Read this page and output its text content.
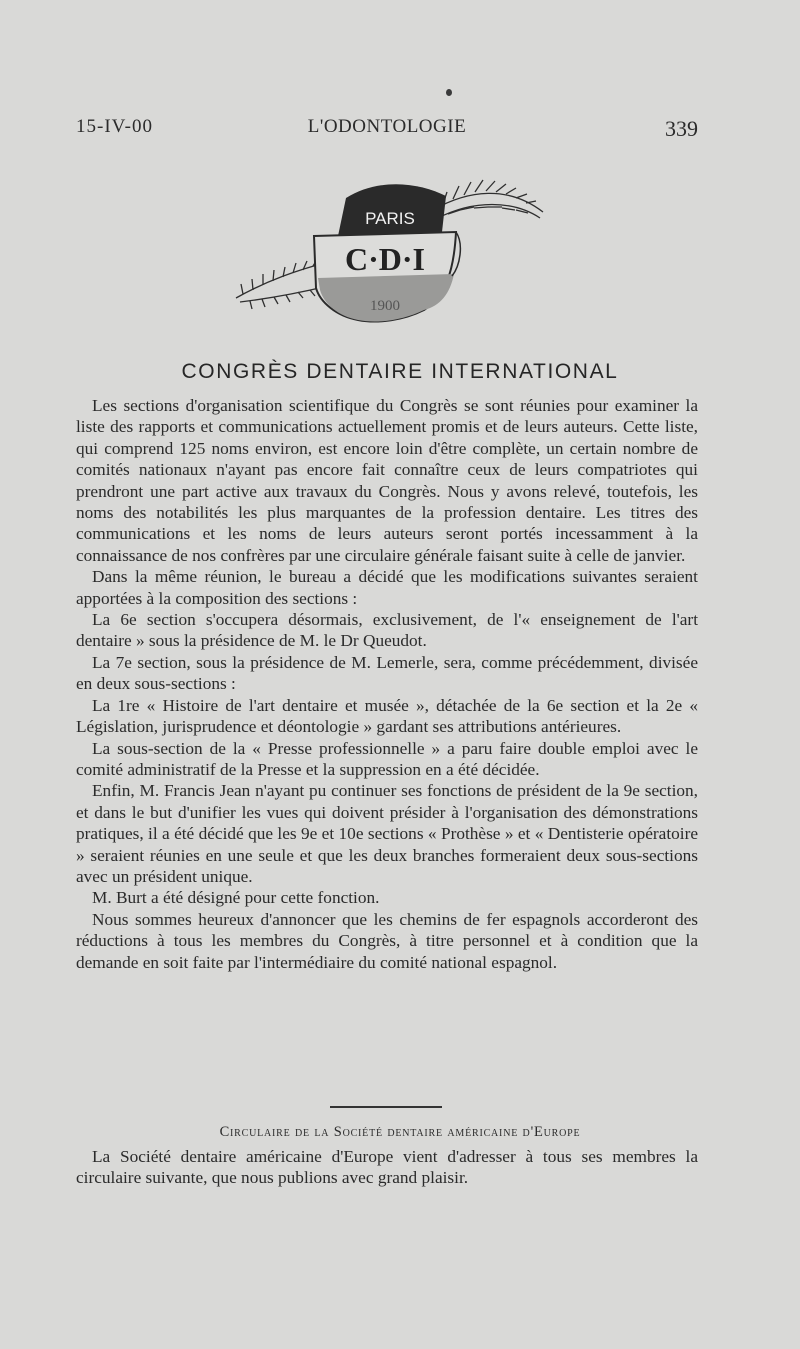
15-IV-00	L'ODONTOLOGIE	339
PARIS
C·D·I
1900
CONGRÈS DENTAIRE INTERNATIONAL

Les sections d'organisation scientifique du Congrès se sont réunies pour examiner la liste des rapports et communications actuellement promis et de leurs auteurs. Cette liste, qui comprend 125 noms environ, est encore loin d'être complète, un certain nombre de comités nationaux n'ayant pas encore fait connaître ceux de leurs compatriotes qui prendront une part active aux travaux du Congrès. Nous y avons relevé, toutefois, les noms des notabilités les plus marquantes de la profession dentaire. Les titres des communications et les noms de leurs auteurs seront portés incessamment à la connaissance de nos confrères par une circulaire générale faisant suite à celle de janvier.

Dans la même réunion, le bureau a décidé que les modifications suivantes seraient apportées à la composition des sections :

La 6e section s'occupera désormais, exclusivement, de l'« enseignement de l'art dentaire » sous la présidence de M. le Dr Queudot.

La 7e section, sous la présidence de M. Lemerle, sera, comme précédemment, divisée en deux sous-sections :

La 1re « Histoire de l'art dentaire et musée », détachée de la 6e section et la 2e « Législation, jurisprudence et déontologie » gardant ses attributions antérieures.

La sous-section de la « Presse professionnelle » a paru faire double emploi avec le comité administratif de la Presse et la suppression en a été décidée.

Enfin, M. Francis Jean n'ayant pu continuer ses fonctions de président de la 9e section, et dans le but d'unifier les vues qui doivent présider à l'organisation des démonstrations pratiques, il a été décidé que les 9e et 10e sections « Prothèse » et « Dentisterie opératoire » seraient réunies en une seule et que les deux branches formeraient deux sous-sections avec un président unique.

M. Burt a été désigné pour cette fonction.

Nous sommes heureux d'annoncer que les chemins de fer espagnols accorderont des réductions à tous les membres du Congrès, à titre personnel et à condition que la demande en soit faite par l'intermédiaire du comité national espagnol.

Circulaire de la Société dentaire américaine d'Europe

La Société dentaire américaine d'Europe vient d'adresser à tous ses membres la circulaire suivante, que nous publions avec grand plaisir.
